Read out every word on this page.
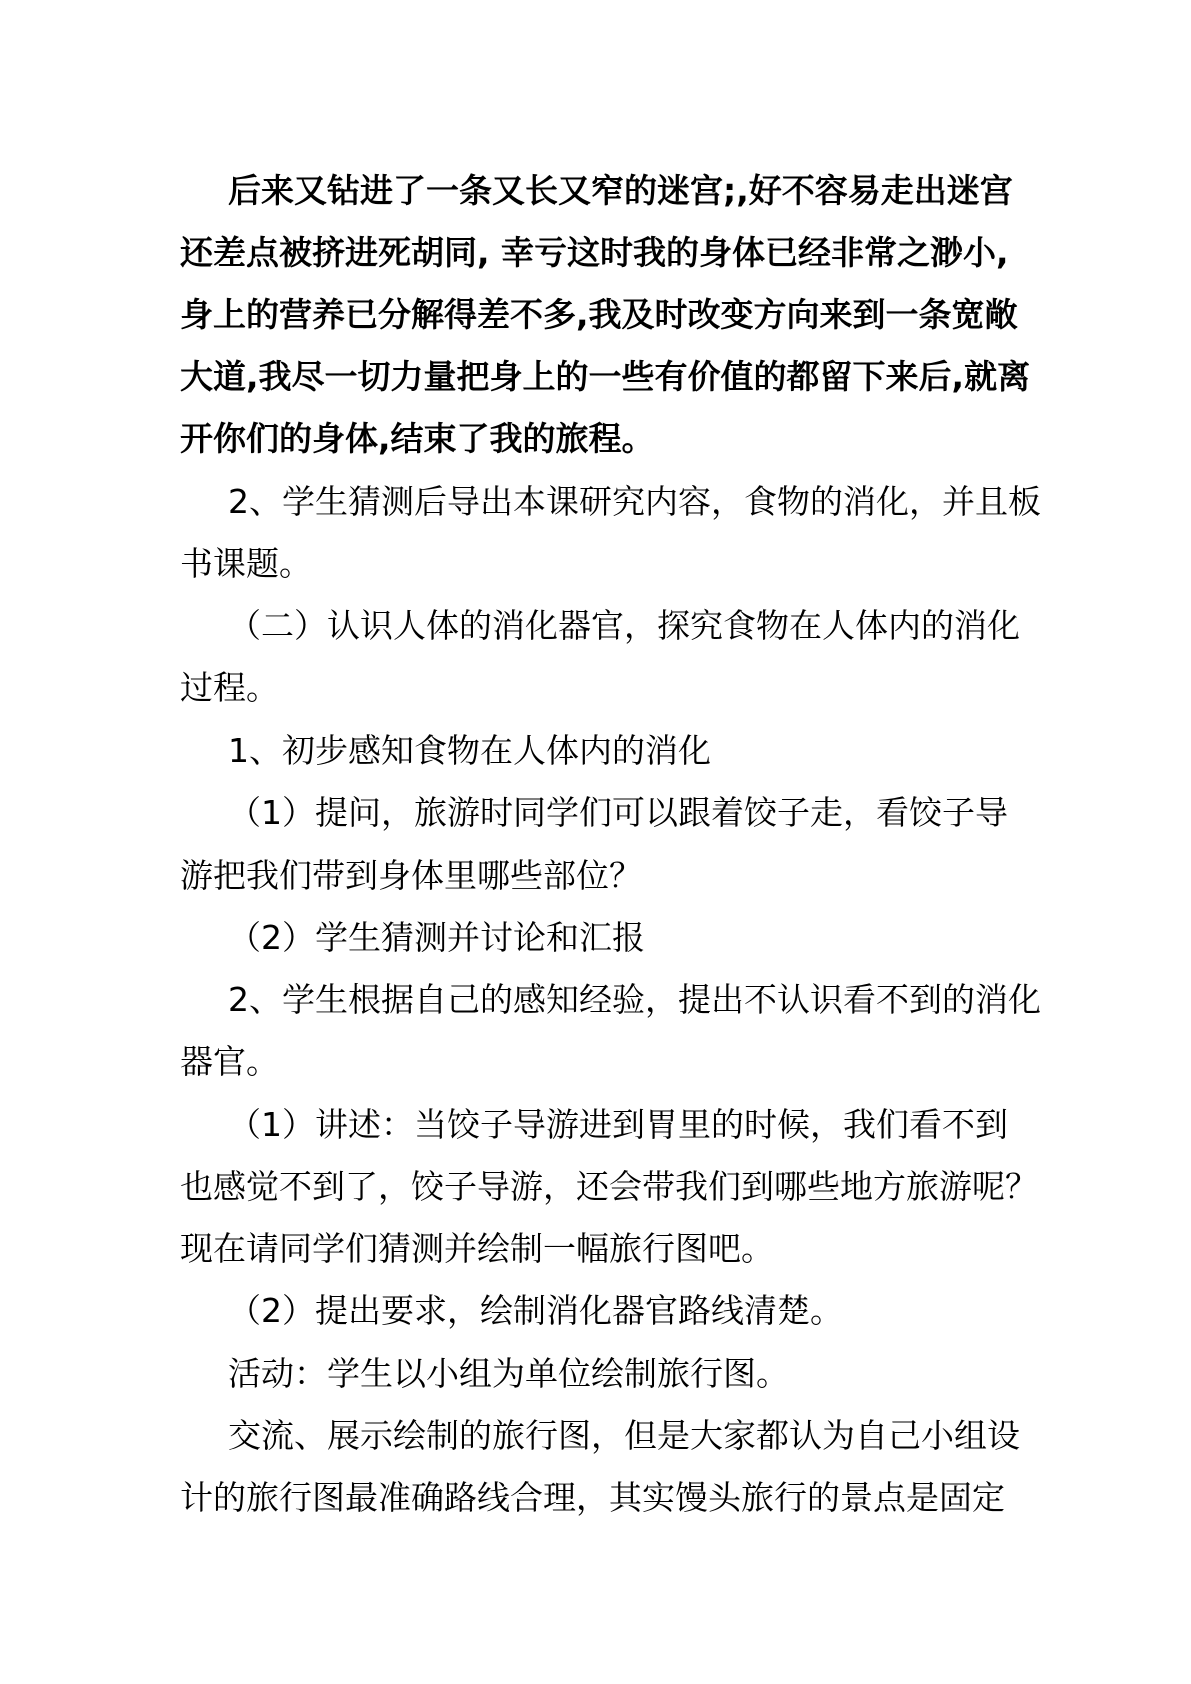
后来又钻进了一条又长又窄的迷宫;,好不容易走出迷宫
还差点被挤进死胡同, 幸亏这时我的身体已经非常之渺小,
身上的营养已分解得差不多,我及时改变方向来到一条宽敞
大道,我尽一切力量把身上的一些有价值的都留下来后,就离
开你们的身体,结束了我的旅程。
2、学生猜测后导出本课研究内容，食物的消化，并且板
书课题。
（二）认识人体的消化器官，探究食物在人体内的消化
过程。
1、初步感知食物在人体内的消化
（1）提问，旅游时同学们可以跟着饺子走，看饺子导
游把我们带到身体里哪些部位？
（2）学生猜测并讨论和汇报
2、学生根据自己的感知经验，提出不认识看不到的消化
器官。
（1）讲述：当饺子导游进到胃里的时候，我们看不到
也感觉不到了，饺子导游，还会带我们到哪些地方旅游呢？
现在请同学们猜测并绘制一幅旅行图吧。
（2）提出要求，绘制消化器官路线清楚。
活动：学生以小组为单位绘制旅行图。
交流、展示绘制的旅行图，但是大家都认为自己小组设
计的旅行图最准确路线合理，其实馒头旅行的景点是固定
